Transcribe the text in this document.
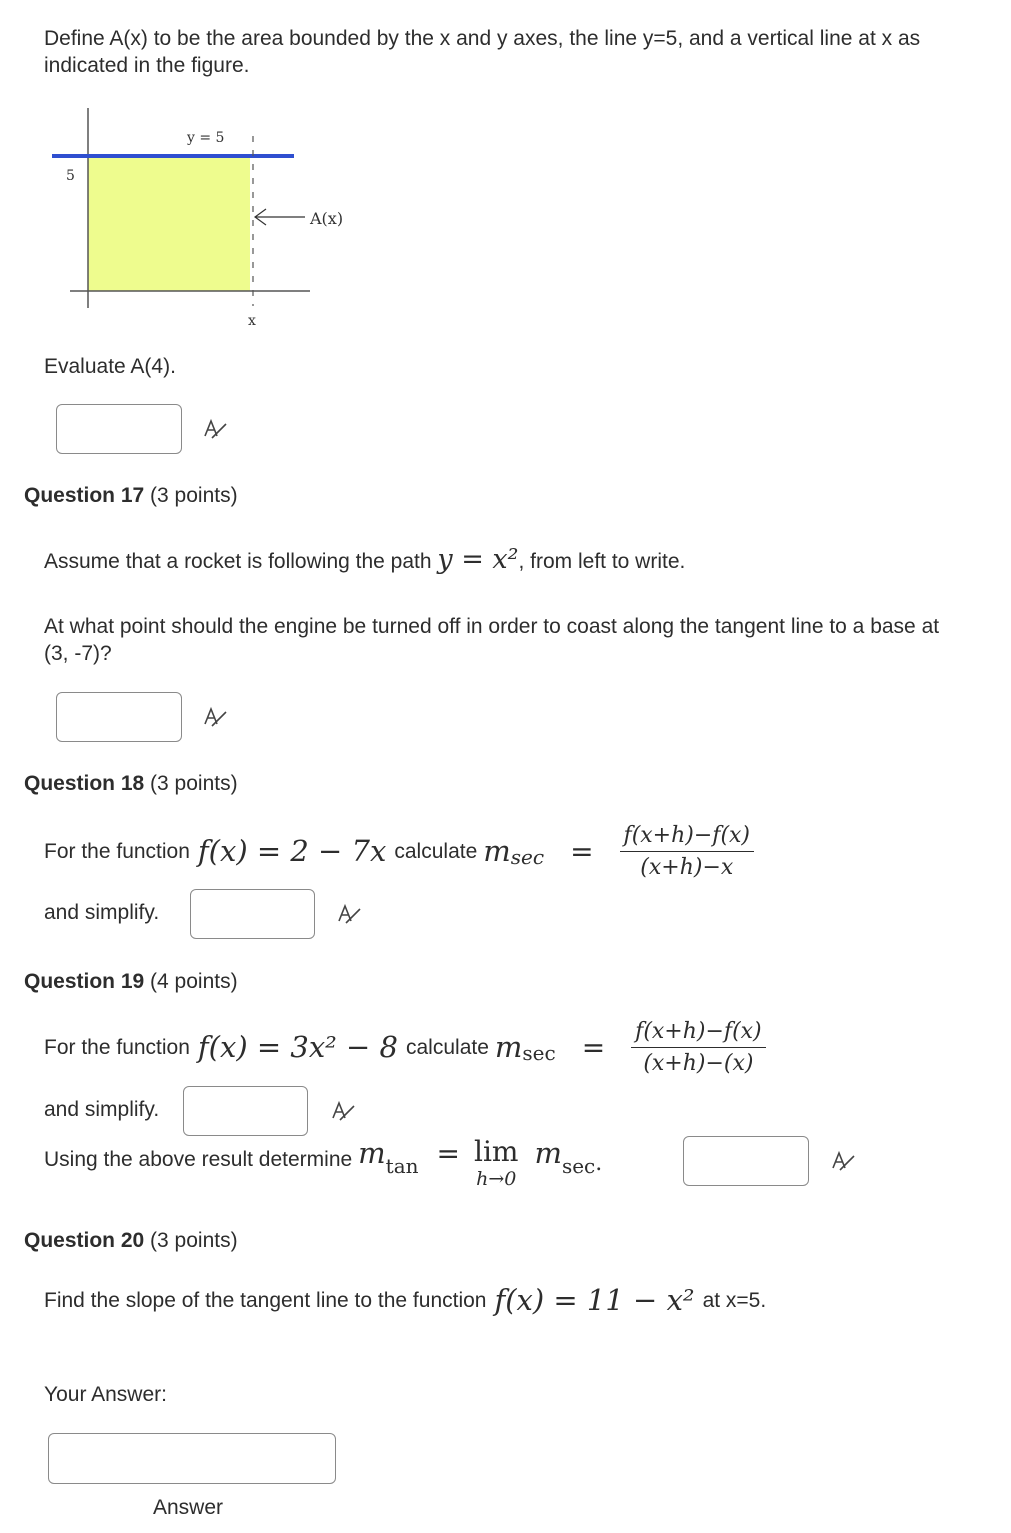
Define A(x) to be the area bounded by the x and y axes, the line y=5, and a vertical line at x as indicated in the figure.
y = 5
5
A(x)
x
Evaluate A(4).
Question 17 (3 points)
Assume that a rocket is following the path y = x², from left to write.
At what point should the engine be turned off in order to coast along the tangent line to a base at (3, -7)?
Question 18 (3 points)
For the function f(x) = 2 − 7x calculate m $\sec = \frac{f(x+h)-f(x)}{(x+h)-x}$
and simplify.
Question 19 (4 points)
For the function f(x) = 3x² − 8 calculate m $\sec = \frac{f(x+h)-f(x)}{(x+h)-(x)}$
and simplify.
Using the above result determine m tan = lim
h→0
m sec .
Question 20 (3 points)
Find the slope of the tangent line to the function f(x) = 11 − x² at x=5.
Your Answer:
Answer
